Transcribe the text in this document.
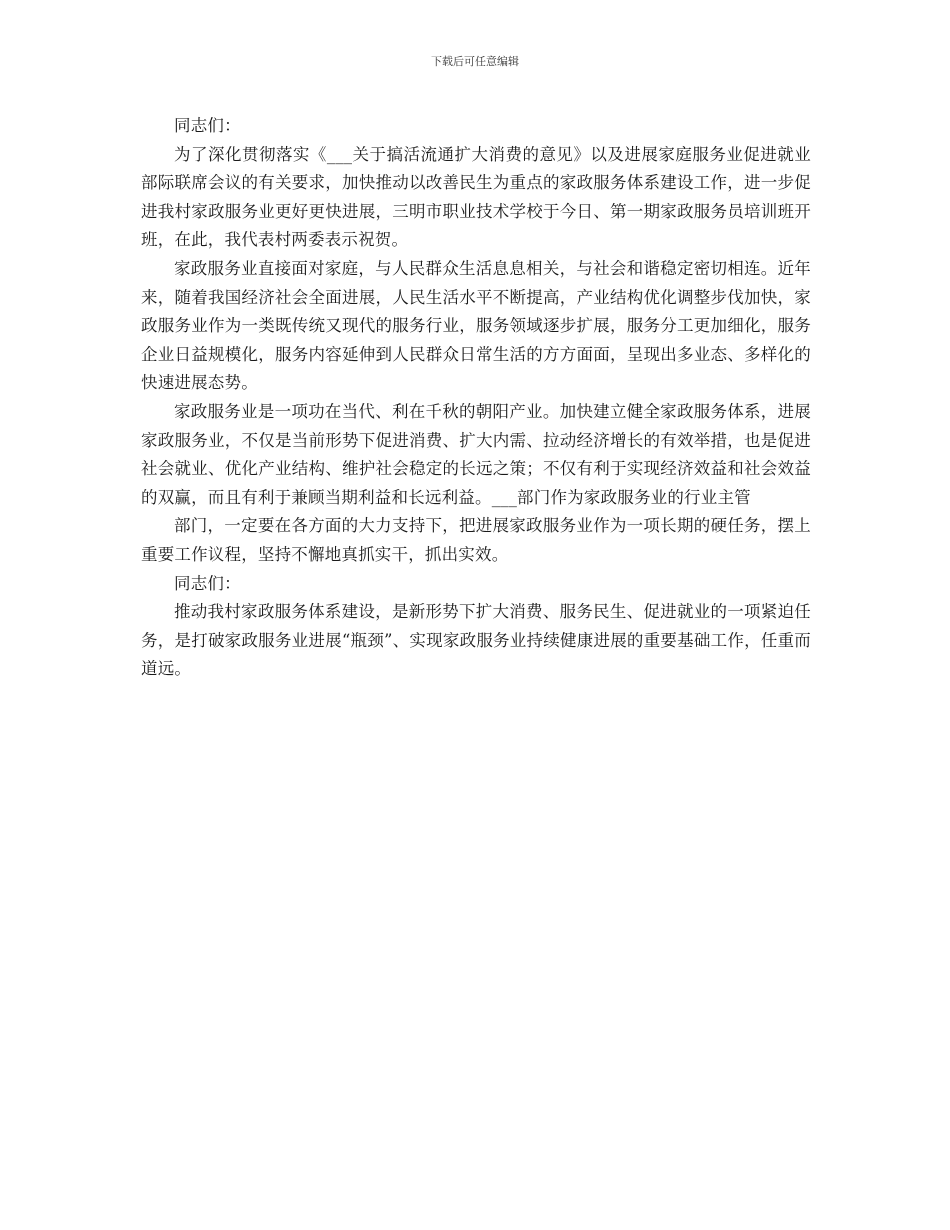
下载后可任意编辑

同志们：

为了深化贯彻落实《___关于搞活流通扩大消费的意见》以及进展家庭服务业促进就业部际联席会议的有关要求，加快推动以改善民生为重点的家政服务体系建设工作，进一步促进我村家政服务业更好更快进展，三明市职业技术学校于今日、第一期家政服务员培训班开班，在此，我代表村两委表示祝贺。

家政服务业直接面对家庭，与人民群众生活息息相关，与社会和谐稳定密切相连。近年来，随着我国经济社会全面进展，人民生活水平不断提高，产业结构优化调整步伐加快，家政服务业作为一类既传统又现代的服务行业，服务领域逐步扩展，服务分工更加细化，服务企业日益规模化，服务内容延伸到人民群众日常生活的方方面面，呈现出多业态、多样化的快速进展态势。

家政服务业是一项功在当代、利在千秋的朝阳产业。加快建立健全家政服务体系，进展家政服务业，不仅是当前形势下促进消费、扩大内需、拉动经济增长的有效举措，也是促进社会就业、优化产业结构、维护社会稳定的长远之策；不仅有利于实现经济效益和社会效益的双赢，而且有利于兼顾当期利益和长远利益。___部门作为家政服务业的行业主管

部门，一定要在各方面的大力支持下，把进展家政服务业作为一项长期的硬任务，摆上重要工作议程，坚持不懈地真抓实干，抓出实效。

同志们：

推动我村家政服务体系建设，是新形势下扩大消费、服务民生、促进就业的一项紧迫任务，是打破家政服务业进展“瓶颈”、实现家政服务业持续健康进展的重要基础工作，任重而道远。
